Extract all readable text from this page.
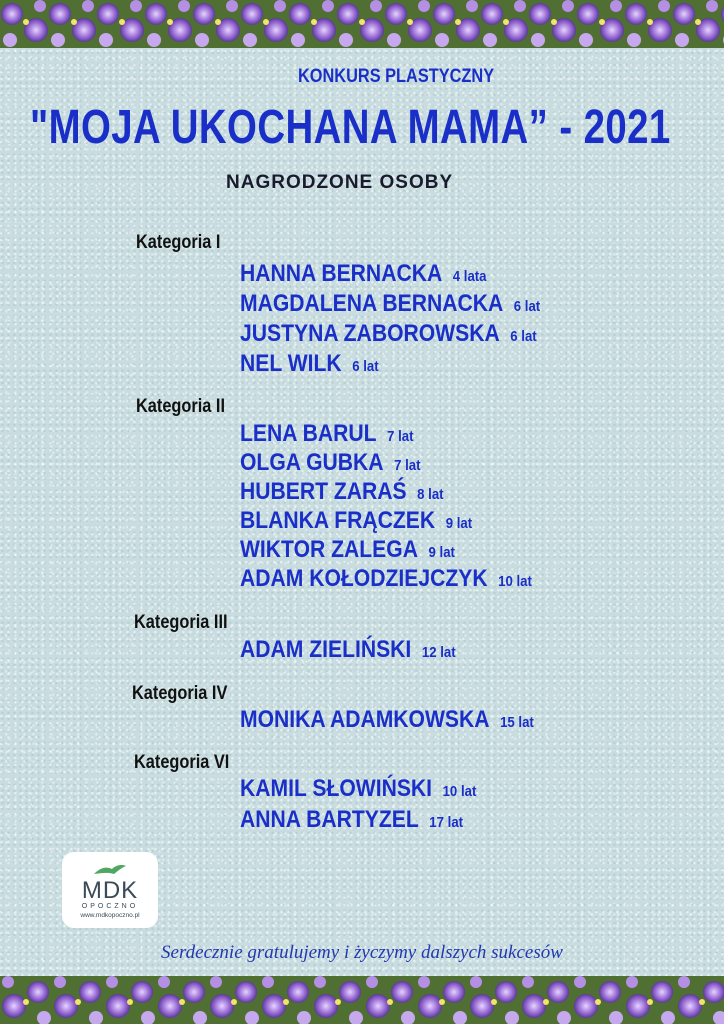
KONKURS PLASTYCZNY
"MOJA UKOCHANA MAMA” - 2021
NAGRODZONE OSOBY
Kategoria I
HANNA BERNACKA 4 lata
MAGDALENA BERNACKA 6 lat
JUSTYNA ZABOROWSKA 6 lat
NEL WILK 6 lat
Kategoria II
LENA BARUL 7 lat
OLGA GUBKA 7 lat
HUBERT ZARAŚ 8 lat
BLANKA FRĄCZEK 9 lat
WIKTOR ZALEGA 9 lat
ADAM KOŁODZIEJCZYK 10 lat
Kategoria III
ADAM ZIELIŃSKI 12 lat
Kategoria IV
MONIKA ADAMKOWSKA 15 lat
Kategoria VI
KAMIL SŁOWIŃSKI 10 lat
ANNA BARTYZEL 17 lat
MDK
OPOCZNO
www.mdkopoczno.pl
Serdecznie gratulujemy i życzymy dalszych sukcesów
